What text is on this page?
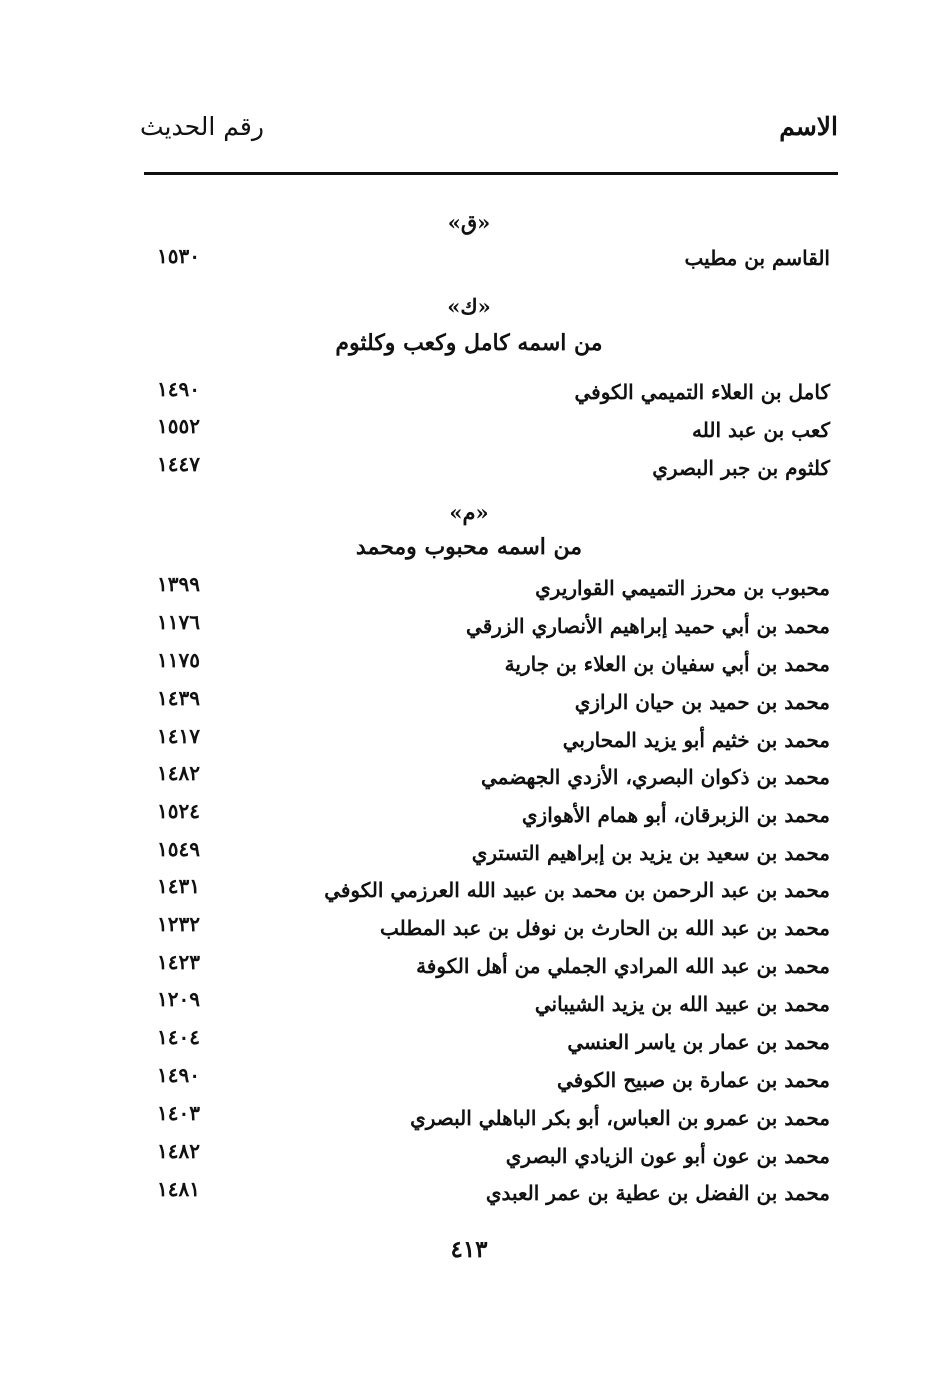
الاسم
رقم الحديث
«ق»
القاسم بن مطيب
١٥٣٠
«ك»
من اسمه كامل وكعب وكلثوم
كامل بن العلاء التميمي الكوفي
١٤٩٠
كعب بن عبد الله
١٥٥٢
كلثوم بن جبر البصري
١٤٤٧
«م»
من اسمه محبوب ومحمد
محبوب بن محرز التميمي القواريري
١٣٩٩
محمد بن أبي حميد إبراهيم الأنصاري الزرقي
١١٧٦
محمد بن أبي سفيان بن العلاء بن جارية
١١٧٥
محمد بن حميد بن حيان الرازي
١٤٣٩
محمد بن خثيم أبو يزيد المحاربي
١٤١٧
محمد بن ذكوان البصري، الأزدي الجهضمي
١٤٨٢
محمد بن الزبرقان، أبو همام الأهوازي
١٥٢٤
محمد بن سعيد بن يزيد بن إبراهيم التستري
١٥٤٩
محمد بن عبد الرحمن بن محمد بن عبيد الله العرزمي الكوفي
١٤٣١
محمد بن عبد الله بن الحارث بن نوفل بن عبد المطلب
١٢٣٢
محمد بن عبد الله المرادي الجملي من أهل الكوفة
١٤٢٣
محمد بن عبيد الله بن يزيد الشيباني
١٢٠٩
محمد بن عمار بن ياسر العنسي
١٤٠٤
محمد بن عمارة بن صبيح الكوفي
١٤٩٠
محمد بن عمرو بن العباس، أبو بكر الباهلي البصري
١٤٠٣
محمد بن عون أبو عون الزيادي البصري
١٤٨٢
محمد بن الفضل بن عطية بن عمر العبدي
١٤٨١
٤١٣
